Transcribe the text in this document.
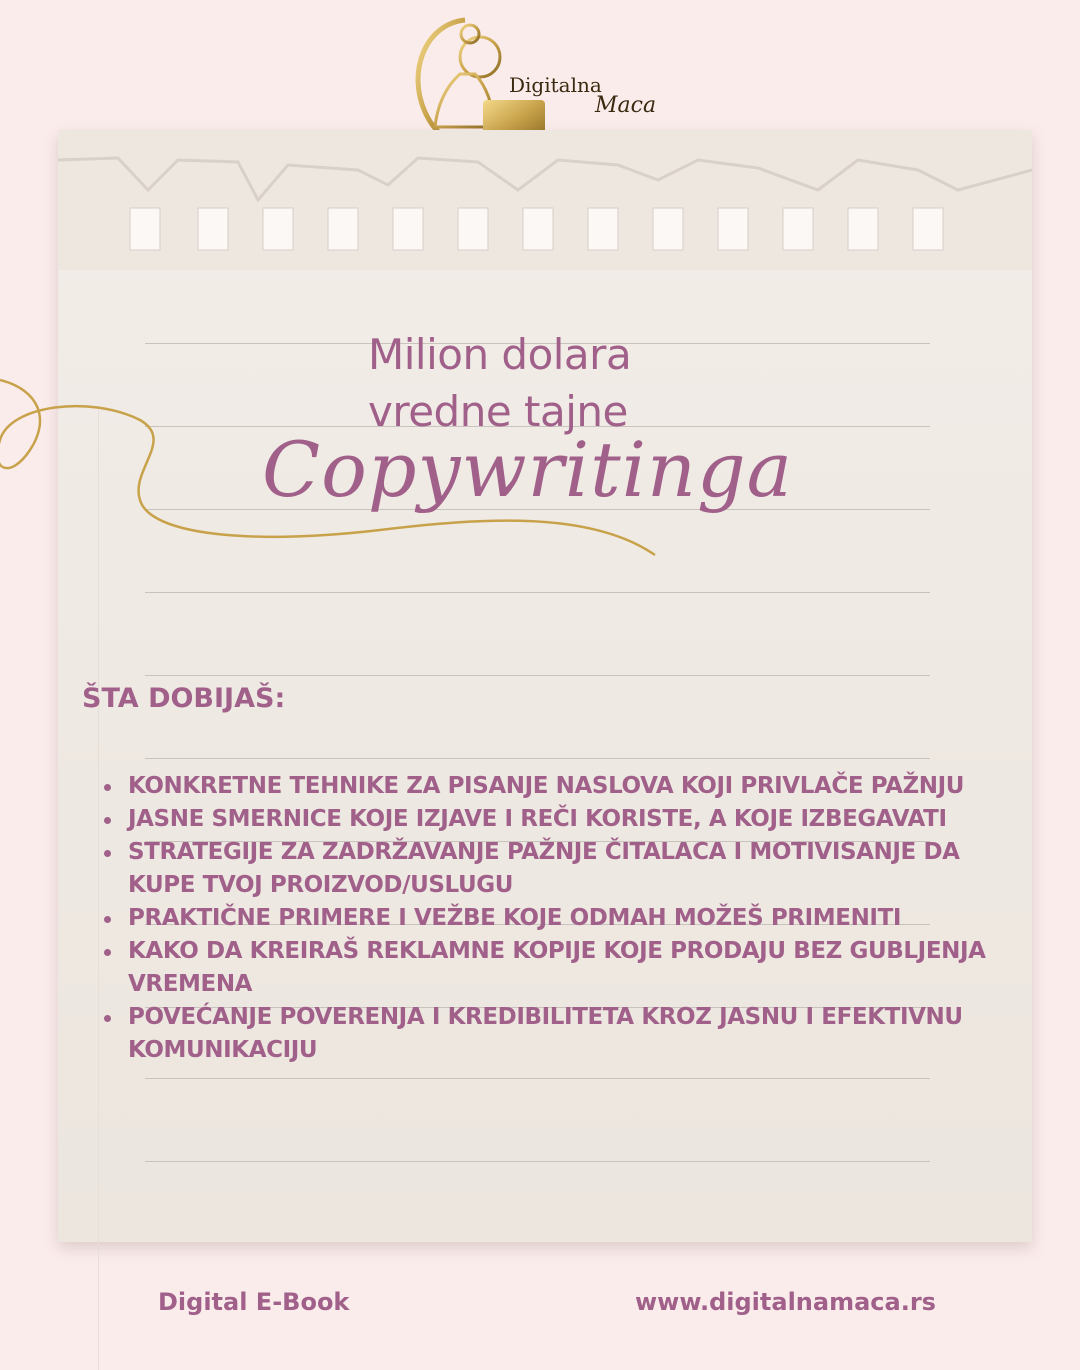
Digitalna
Maca
Milion dolara
vredne tajne
Copywritinga
ŠTA DOBIJAŠ:
KONKRETNE TEHNIKE ZA PISANJE NASLOVA KOJI PRIVLAČE PAŽNJU
JASNE SMERNICE KOJE IZJAVE I REČI KORISTE, A KOJE IZBEGAVATI
STRATEGIJE ZA ZADRŽAVANJE PAŽNJE ČITALACA I MOTIVISANJE DA KUPE TVOJ PROIZVOD/USLUGU
PRAKTIČNE PRIMERE I VEŽBE KOJE ODMAH MOŽEŠ PRIMENITI
KAKO DA KREIRAŠ REKLAMNE KOPIJE KOJE PRODAJU BEZ GUBLJENJA VREMENA
POVEĆANJE POVERENJA I KREDIBILITETA KROZ JASNU I EFEKTIVNU KOMUNIKACIJU
Digital E-Book	www.digitalnamaca.rs
